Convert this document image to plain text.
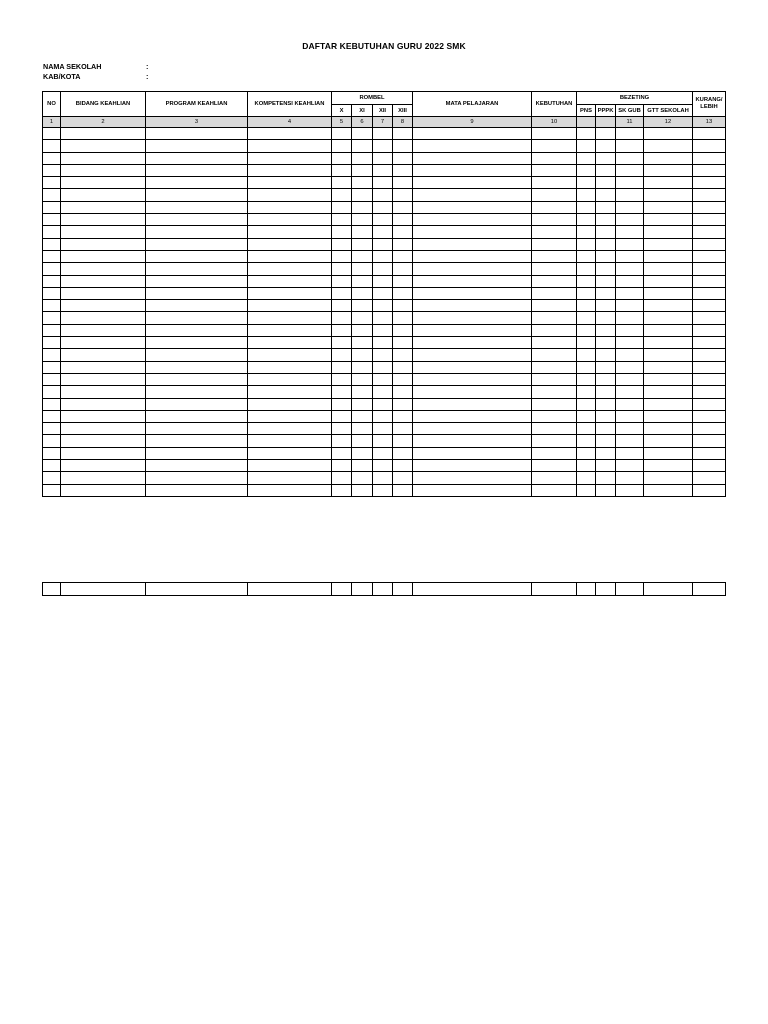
DAFTAR KEBUTUHAN GURU 2022 SMK
NAMA SEKOLAH	:
KAB/KOTA	:
NO	BIDANG KEAHLIAN	PROGRAM KEAHLIAN	KOMPETENSI KEAHLIAN	ROMBEL				MATA PELAJARAN	KEBUTUHAN	BEZETING				KURANG/
LEBIH
				X	XI	XII	XIII			PNS	PPPK	SK GUB	GTT SEKOLAH	
1	2	3	4	5	6	7	8	9	10			11	12	13
